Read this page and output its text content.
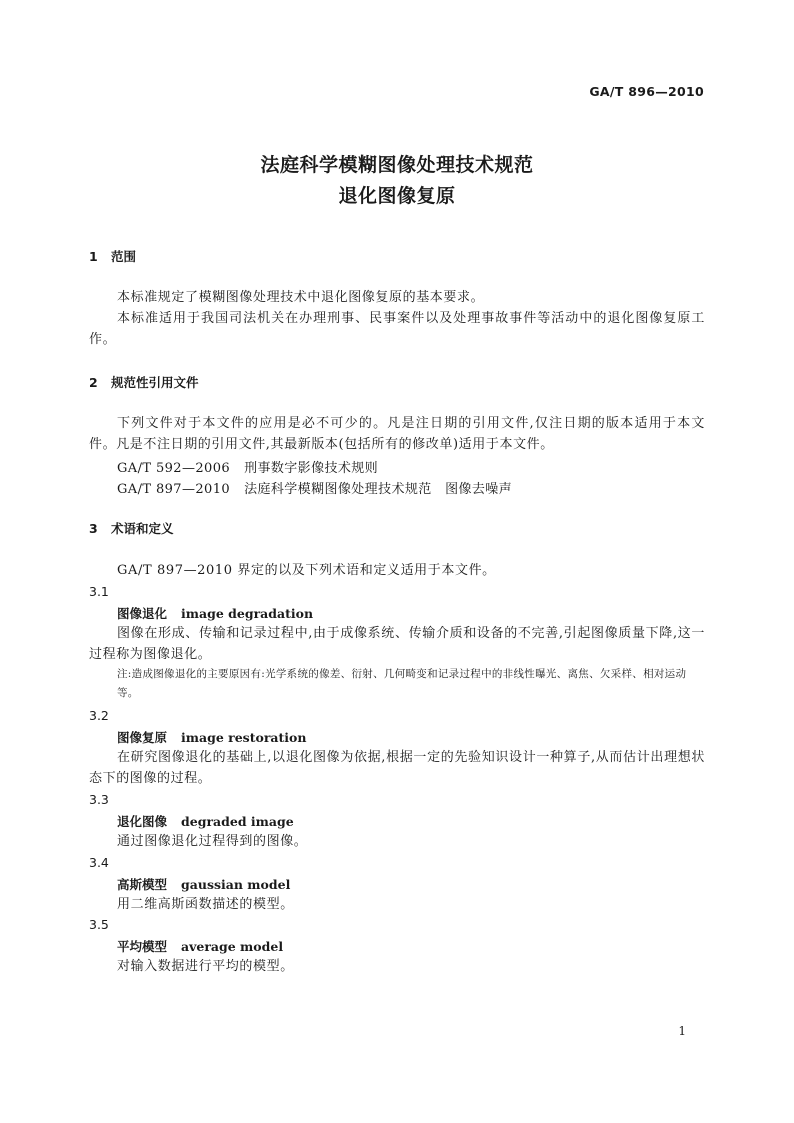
GA/T 896—2010
法庭科学模糊图像处理技术规范
退化图像复原
1 范围
本标准规定了模糊图像处理技术中退化图像复原的基本要求。
本标准适用于我国司法机关在办理刑事、民事案件以及处理事故事件等活动中的退化图像复原工作。
2 规范性引用文件
下列文件对于本文件的应用是必不可少的。凡是注日期的引用文件,仅注日期的版本适用于本文件。凡是不注日期的引用文件,其最新版本(包括所有的修改单)适用于本文件。
GA/T 592—2006 刑事数字影像技术规则
GA/T 897—2010 法庭科学模糊图像处理技术规范　图像去噪声
3 术语和定义
GA/T 897—2010 界定的以及下列术语和定义适用于本文件。
3.1
图像退化 image degradation
图像在形成、传输和记录过程中,由于成像系统、传输介质和设备的不完善,引起图像质量下降,这一过程称为图像退化。
注:造成图像退化的主要原因有:光学系统的像差、衍射、几何畸变和记录过程中的非线性曝光、离焦、欠采样、相对运动等。
3.2
图像复原 image restoration
在研究图像退化的基础上,以退化图像为依据,根据一定的先验知识设计一种算子,从而估计出理想状态下的图像的过程。
3.3
退化图像 degraded image
通过图像退化过程得到的图像。
3.4
高斯模型 gaussian model
用二维高斯函数描述的模型。
3.5
平均模型 average model
对输入数据进行平均的模型。
1
